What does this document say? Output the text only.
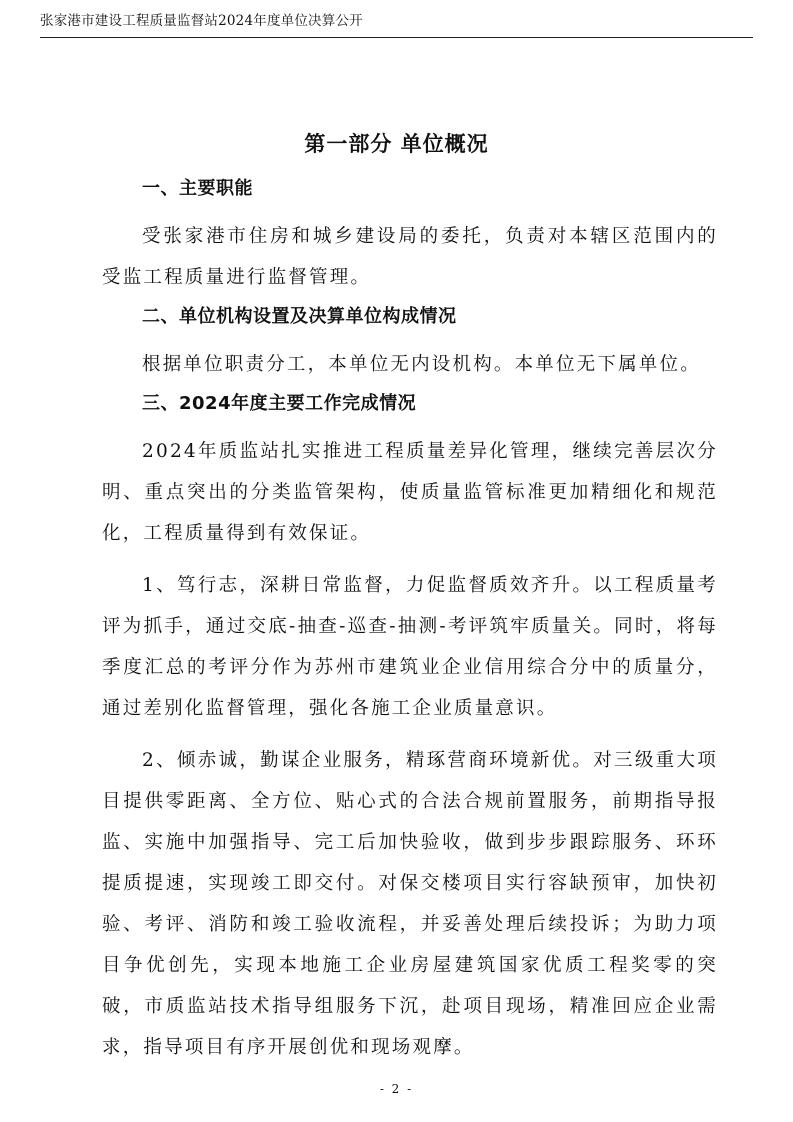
张家港市建设工程质量监督站2024年度单位决算公开
第一部分 单位概况
一、主要职能

受张家港市住房和城乡建设局的委托，负责对本辖区范围内的受监工程质量进行监督管理。

二、单位机构设置及决算单位构成情况

根据单位职责分工，本单位无内设机构。本单位无下属单位。

三、2024年度主要工作完成情况

2024年质监站扎实推进工程质量差异化管理，继续完善层次分明、重点突出的分类监管架构，使质量监管标准更加精细化和规范化，工程质量得到有效保证。

1、笃行志，深耕日常监督，力促监督质效齐升。以工程质量考评为抓手，通过交底-抽查-巡查-抽测-考评筑牢质量关。同时，将每季度汇总的考评分作为苏州市建筑业企业信用综合分中的质量分，通过差别化监督管理，强化各施工企业质量意识。

2、倾赤诚，勤谋企业服务，精琢营商环境新优。对三级重大项目提供零距离、全方位、贴心式的合法合规前置服务，前期指导报监、实施中加强指导、完工后加快验收，做到步步跟踪服务、环环提质提速，实现竣工即交付。对保交楼项目实行容缺预审，加快初验、考评、消防和竣工验收流程，并妥善处理后续投诉；为助力项目争优创先，实现本地施工企业房屋建筑国家优质工程奖零的突破，市质监站技术指导组服务下沉，赴项目现场，精准回应企业需求，指导项目有序开展创优和现场观摩。

- 2 -
